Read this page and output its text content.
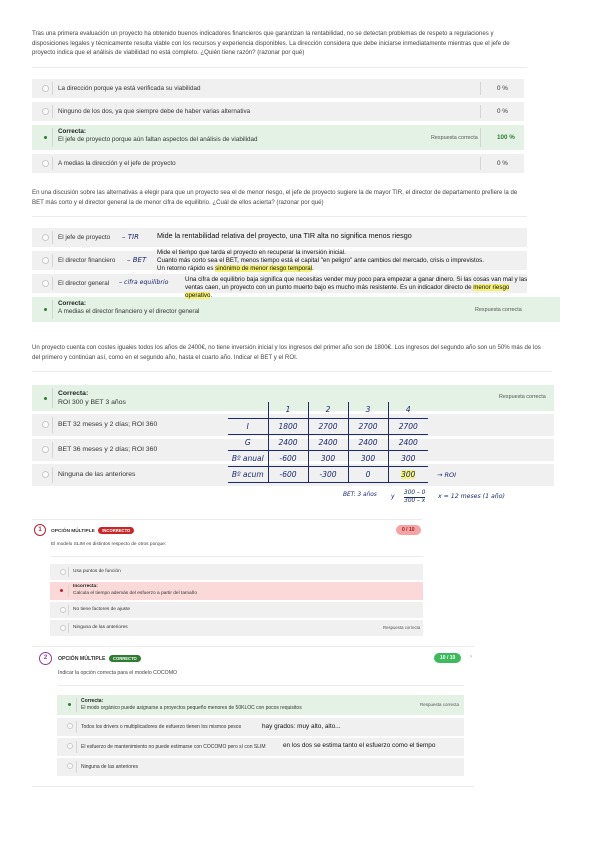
Tras una primera evaluación un proyecto ha obtenido buenos indicadores financieros que garantizan la rentabilidad, no se detectan problemas de respeto a regulaciones y disposiciones legales y técnicamente resulta viable con los recursos y experiencia disponibles. La dirección considera que debe iniciarse inmediatamente mientras que el jefe de proyecto indica que el análisis de viabilidad no está completo. ¿Quién tiene razón? (razonar por qué)
La dirección porque ya está verificada su viabilidad	0 %
Ninguno de los dos, ya que siempre debe de haber varias alternativa	0 %
Correcta:
El jefe de proyecto porque aún faltan aspectos del análisis de viabilidad	Respuesta correcta	100 %
A medias la dirección y el jefe de proyecto	0 %
En una discusión sobre las alternativas a elegir para que un proyecto sea el de menor riesgo, el jefe de proyecto sugiere la de mayor TIR, el director de departamento prefiere la de BET más corto y el director general la de menor cifra de equilibrio. ¿Cuál de ellos acierta? (razonar por qué)
El jefe de proyecto
El director financiero
El director general
Correcta:
A medias el director financiero y el director general	Respuesta correcta
– TIR
– BET
– cifra equilibrio
Mide la rentabilidad relativa del proyecto, una TIR alta no significa menos riesgo
Mide el tiempo que tarda el proyecto en recuperar la inversión inicial.
Cuanto más corto sea el BET, menos tiempo está el capital "en peligro" ante cambios del mercado, crisis o imprevistos.
Un retorno rápido es sinónimo de menor riesgo temporal.
Una cifra de equilibrio baja significa que necesitas vender muy poco para empezar a ganar dinero. Si las cosas van mal y las ventas caen, un proyecto con un punto muerto bajo es mucho más resistente. Es un indicador directo de menor riesgo operativo.
Un proyecto cuenta con costes iguales todos los años de 2400€, no tiene inversión inicial y los ingresos del primer año son de 1800€. Los ingresos del segundo año son un 50% más de los del primero y continúan así, como en el segundo año, hasta el cuarto año. Indicar el BET y el ROI.
Correcta:
ROI 300 y BET 3 años
Respuesta correcta
BET 32 meses y 2 días; ROI 360
BET 36 meses y 2 días; ROI 360
Ninguna de las anteriores
	1	2	3	4
I	1800	2700	2700	2700
G	2400	2400	2400	2400
Bº anual	-600	300	300	300
Bº acum	-600	-300	0	300	→ ROI
BET: 3 años y 300 – 0
300 – x
x = 12 meses (1 año)
1	OPCIÓN MÚLTIPLE INCORRECTO	0 / 10
El modelo SLIM es distintos respecto de otros porque:
Usa puntos de función
Incorrecta:
Calcula el tiempo además del esfuerzo a partir del tamaño
No tiene factores de ajuste
Ninguna de las anteriores	Respuesta correcta
2	OPCIÓN MÚLTIPLE CORRECTO	10 / 10	›
Indicar la opción correcta para el modelo COCOMO
Correcta:
El modo orgánico puede asignarse a proyectos pequeño menores de 50KLOC con pocos requisitos
Respuesta correcta
Todos los drivers o multiplicadores de esfuerzo tienen los mismos pesos
El esfuerzo de mantenimiento no puede estimarse con COCOMO pero sí con SLIM
Ninguna de las anteriores
hay grados: muy alto, alto...
en los dos se estima tanto el esfuerzo como el tiempo
